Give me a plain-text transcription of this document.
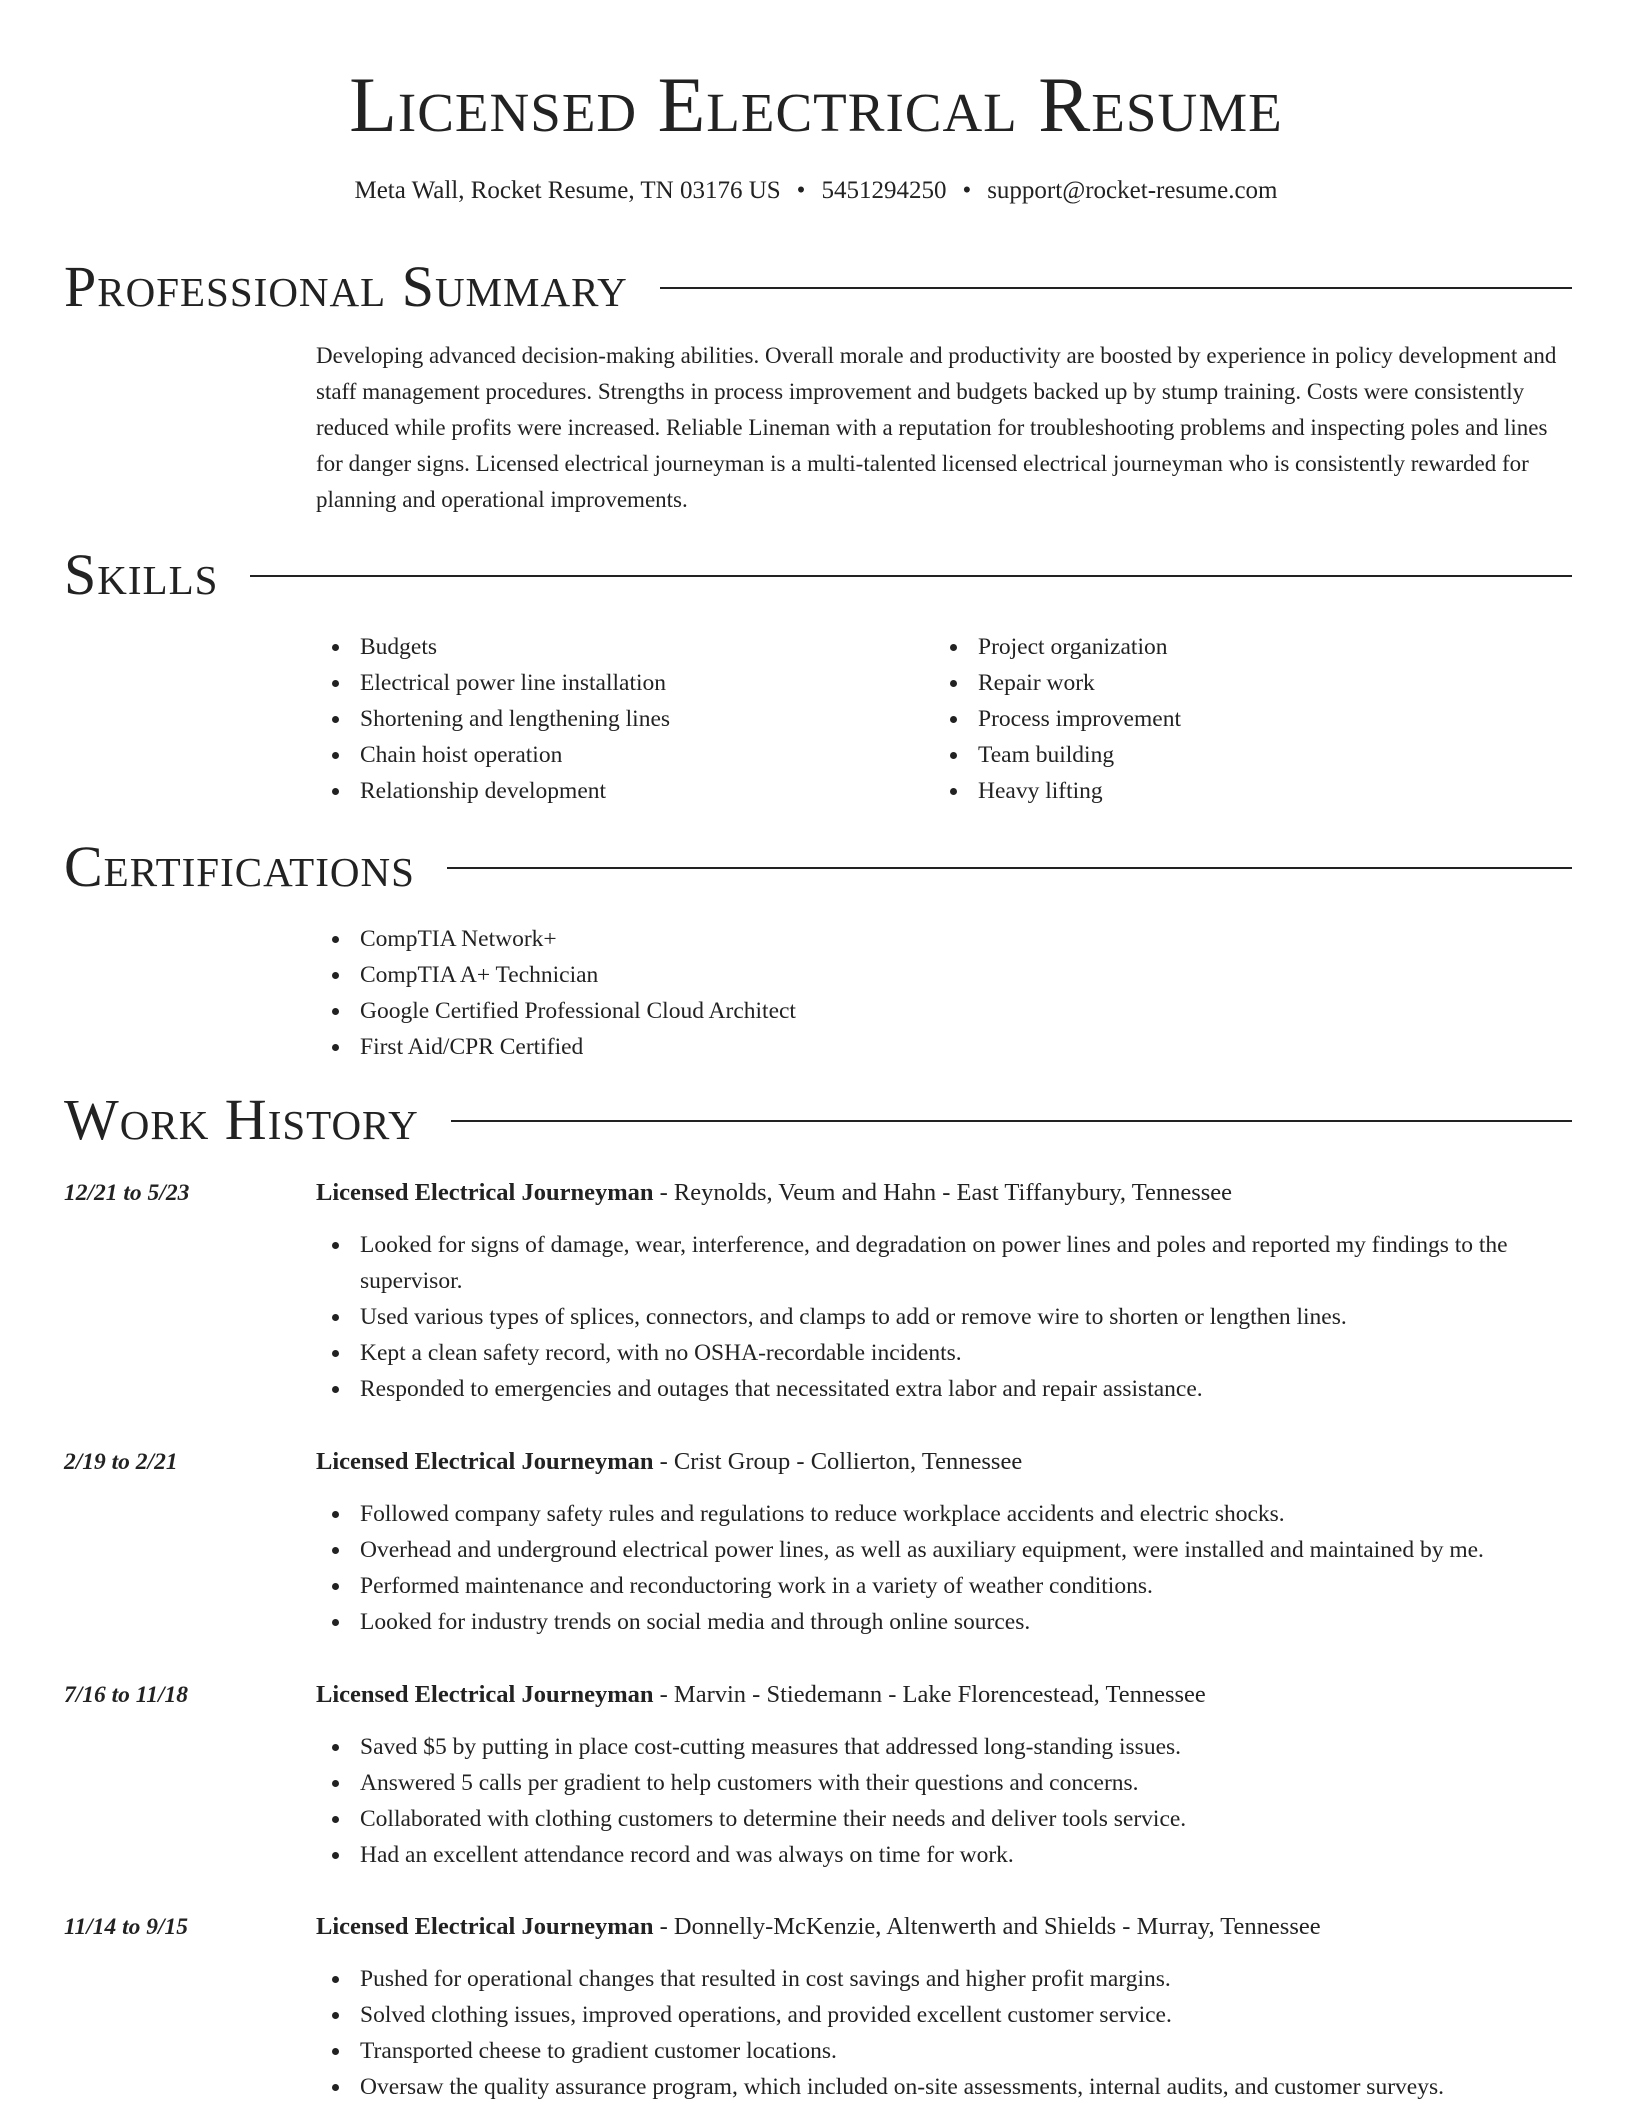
Licensed Electrical Resume
Meta Wall, Rocket Resume, TN 03176 US • 5451294250 • support@rocket-resume.com
Professional Summary
Developing advanced decision-making abilities. Overall morale and productivity are boosted by experience in policy development and staff management procedures. Strengths in process improvement and budgets backed up by stump training. Costs were consistently reduced while profits were increased. Reliable Lineman with a reputation for troubleshooting problems and inspecting poles and lines for danger signs. Licensed electrical journeyman is a multi-talented licensed electrical journeyman who is consistently rewarded for planning and operational improvements.
Skills
Budgets
Electrical power line installation
Shortening and lengthening lines
Chain hoist operation
Relationship development
Project organization
Repair work
Process improvement
Team building
Heavy lifting
Certifications
CompTIA Network+
CompTIA A+ Technician
Google Certified Professional Cloud Architect
First Aid/CPR Certified
Work History
12/21 to 5/23	Licensed Electrical Journeyman - Reynolds, Veum and Hahn - East Tiffanybury, Tennessee
Looked for signs of damage, wear, interference, and degradation on power lines and poles and reported my findings to the supervisor.
Used various types of splices, connectors, and clamps to add or remove wire to shorten or lengthen lines.
Kept a clean safety record, with no OSHA-recordable incidents.
Responded to emergencies and outages that necessitated extra labor and repair assistance.
2/19 to 2/21	Licensed Electrical Journeyman - Crist Group - Collierton, Tennessee
Followed company safety rules and regulations to reduce workplace accidents and electric shocks.
Overhead and underground electrical power lines, as well as auxiliary equipment, were installed and maintained by me.
Performed maintenance and reconductoring work in a variety of weather conditions.
Looked for industry trends on social media and through online sources.
7/16 to 11/18	Licensed Electrical Journeyman - Marvin - Stiedemann - Lake Florencestead, Tennessee
Saved $5 by putting in place cost-cutting measures that addressed long-standing issues.
Answered 5 calls per gradient to help customers with their questions and concerns.
Collaborated with clothing customers to determine their needs and deliver tools service.
Had an excellent attendance record and was always on time for work.
11/14 to 9/15	Licensed Electrical Journeyman - Donnelly-McKenzie, Altenwerth and Shields - Murray, Tennessee
Pushed for operational changes that resulted in cost savings and higher profit margins.
Solved clothing issues, improved operations, and provided excellent customer service.
Transported cheese to gradient customer locations.
Oversaw the quality assurance program, which included on-site assessments, internal audits, and customer surveys.
